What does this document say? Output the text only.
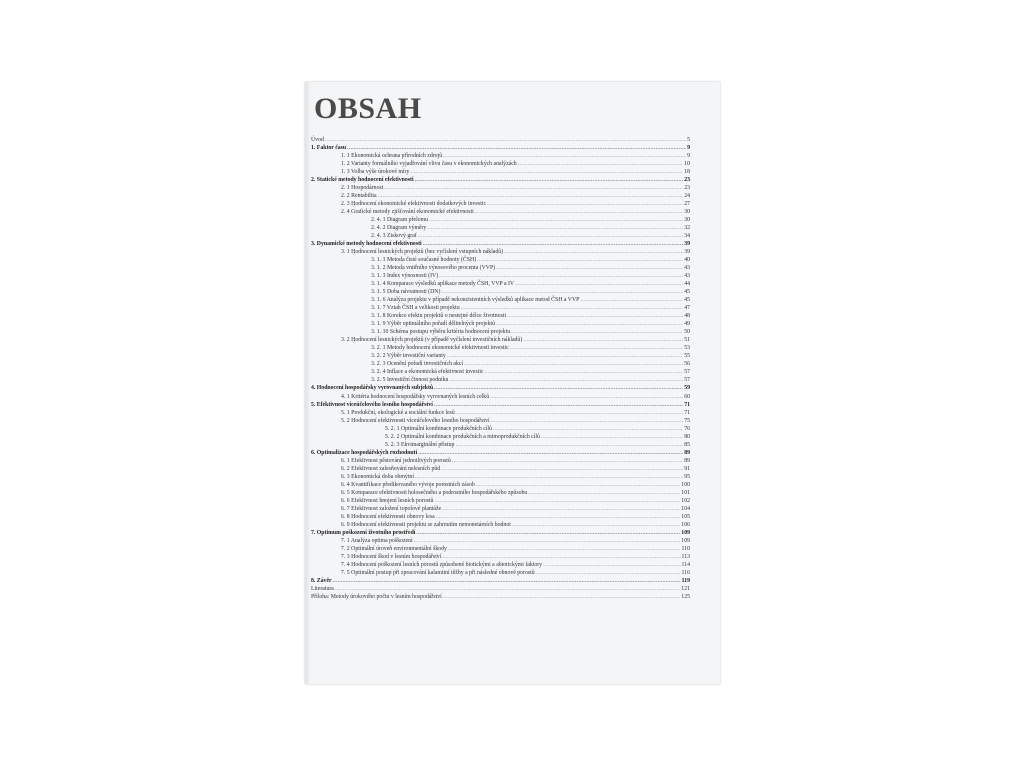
OBSAH
Úvod .....	5
1. Faktor času .....	9
1. 1 Ekonomická ochrana přírodních zdrojů .....	9
1. 2 Varianty formálního vyjadřování vlivu času v ekonomických analýzách .....	10
1. 3 Volba výše úrokové míry .....	18
2. Statické metody hodnocení efektivnosti .....	23
2. 1 Hospodárnost .....	23
2. 2 Rentabilita .....	24
2. 3 Hodnocení ekonomické efektivnosti dodatkových investic .....	27
2. 4 Grafické metody zjišťování ekonomické efektivnosti .....	30
2. 4. 1 Diagram přelomu .....	30
2. 4. 2 Diagram výměry .....	32
2. 4. 3 Ziskový graf .....	34
3. Dynamické metody hodnocení efektivnosti .....	39
3. 1 Hodnocení lesnických projektů (bez vyčíslení vstupních nákladů) .....	39
3. 1. 1 Metoda čisté současné hodnoty (ČSH) .....	40
3. 1. 2 Metoda vnitřního výnosového procenta (VVP) .....	43
3. 1. 3 Index výnosnosti (IV) .....	43
3. 1. 4 Komparace výsledků aplikace metody ČSH, VVP a IV .....	44
3. 1. 5 Doba návratnosti (DN) .....	45
3. 1. 6 Analýza projektu v případě nekonzistentních výsledků aplikace metod ČSH a VVP .....	45
3. 1. 7 Vztah ČSH a velikosti projektu .....	47
3. 1. 8 Korekce efektu projektů o nestejné délce životnosti .....	48
3. 1. 9 Výběr optimálního pořadí dělitelných projektů .....	49
3. 1. 10 Schéma postupu výběru kritéria hodnocení projektu .....	50
3. 2 Hodnocení lesnických projektů (v případě vyčíslení investičních nákladů) .....	51
3. 2. 1 Metody hodnocení ekonomické efektivnosti investic .....	53
3. 2. 2 Výběr investiční varianty .....	55
3. 2. 3 Ocenění pořadí investičních akcí .....	56
3. 2. 4 Inflace a ekonomická efektivnost investic .....	57
3. 2. 5 Investiční činnost podniku .....	57
4. Hodnocení hospodářsky vyrovnaných subjektů .....	59
4. 1 Kritéria hodnocení hospodářsky vyrovnaných lesních celků .....	60
5. Efektivnost víceúčelového lesního hospodářství .....	71
5. 1 Produkční, ekologické a sociální funkce lesů .....	71
5. 2 Hodnocení efektivnosti víceúčelového lesního hospodářství .....	75
5. 2. 1 Optimální kombinace produkčních cílů .....	76
5. 2. 2 Optimální kombinace produkčních a mimoprodukčních cílů .....	80
5. 2. 3 Ekvimarginální přístup .....	85
6. Optimalizace hospodářských rozhodnutí .....	89
6. 1 Efektivnost pěstování jednotlivých porostů .....	89
6. 2 Efektivnost zalesňování nelesních půd .....	91
6. 3 Ekonomická doba obmýtní .....	95
6. 4 Kvantifikace předikovaného vývoje porostních zásob .....	100
6. 5 Komparace efektivnosti holosečného a podrostního hospodářského způsobu .....	101
6. 6 Efektivnost hnojení lesních porostů .....	102
6. 7 Efektivnost založení topolové plantáže .....	104
6. 8 Hodnocení efektivnosti obnovy lesa .....	105
6. 9 Hodnocení efektivnosti projektu se zahrnutím nemonetárních hodnot .....	106
7. Optimum poškození životního prostředí .....	109
7. 1 Analýza optima poškození .....	109
7. 2 Optimální úroveň environmentální škody .....	110
7. 3 Hodnocení škod v lesním hospodářství .....	113
7. 4 Hodnocení poškození lesních porostů způsobené biotickými a abiotickými faktory .....	114
7. 5 Optimální postup při zpracování kalamitní těžby a při následné obnově porostů .....	116
8. Závěr .....	119
Literatura .....	121
Příloha: Metody úrokového počtu v lesním hospodářství .....	125
